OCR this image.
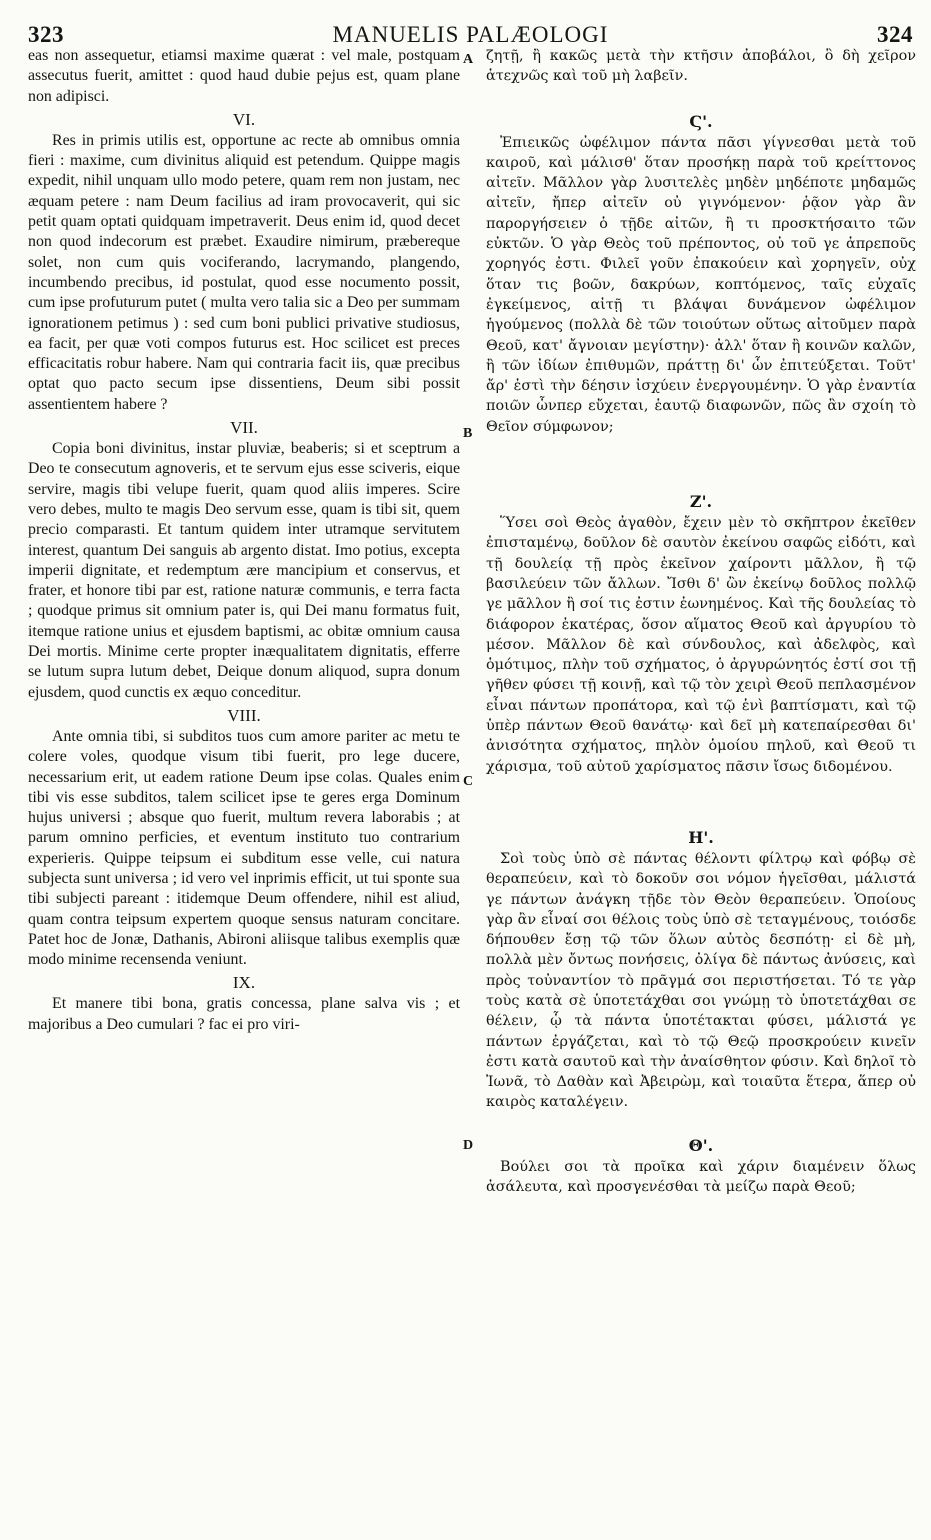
323	MANUELIS PALÆOLOGI	324
A
B
C
D

eas non assequetur, etiamsi maxime quærat : vel male, postquam assecutus fuerit, amittet : quod haud dubie pejus est, quam plane non adipisci.

VI.

Res in primis utilis est, opportune ac recte ab omnibus omnia fieri : maxime, cum divinitus aliquid est petendum. Quippe magis expedit, nihil unquam ullo modo petere, quam rem non justam, nec æquam petere : nam Deum facilius ad iram provocaverit, qui sic petit quam optati quidquam impetraverit. Deus enim id, quod decet non quod indecorum est præbet. Exaudire nimirum, præbereque solet, non cum quis vociferando, lacrymando, plangendo, incumbendo precibus, id postulat, quod esse nocumento possit, cum ipse profuturum putet ( multa vero talia sic a Deo per summam ignorationem petimus ) : sed cum boni publici privative studiosus, ea facit, per quæ voti compos futurus est. Hoc scilicet est preces efficacitatis robur habere. Nam qui contraria facit iis, quæ precibus optat quo pacto secum ipse dissentiens, Deum sibi possit assentientem habere ?

VII.

Copia boni divinitus, instar pluviæ, beaberis; si et sceptrum a Deo te consecutum agnoveris, et te servum ejus esse sciveris, eique servire, magis tibi velupe fuerit, quam quod aliis imperes. Scire vero debes, multo te magis Deo servum esse, quam is tibi sit, quem precio comparasti. Et tantum quidem inter utramque servitutem interest, quantum Dei sanguis ab argento distat. Imo potius, excepta imperii dignitate, et redemptum ære mancipium et conservus, et frater, et honore tibi par est, ratione naturæ communis, e terra facta ; quodque primus sit omnium pater is, qui Dei manu formatus fuit, itemque ratione unius et ejusdem baptismi, ac obitæ omnium causa Dei mortis. Minime certe propter inæqualitatem dignitatis, efferre se lutum supra lutum debet, Deique donum aliquod, supra donum ejusdem, quod cunctis ex æquo conceditur.

VIII.

Ante omnia tibi, si subditos tuos cum amore pariter ac metu te colere voles, quodque visum tibi fuerit, pro lege ducere, necessarium erit, ut eadem ratione Deum ipse colas. Quales enim tibi vis esse subditos, talem scilicet ipse te geres erga Dominum hujus universi ; absque quo fuerit, multum revera laborabis ; at parum omnino perficies, et eventum instituto tuo contrarium experieris. Quippe teipsum ei subditum esse velle, cui natura subjecta sunt universa ; id vero vel inprimis efficit, ut tui sponte sua tibi subjecti pareant : itidemque Deum offendere, nihil est aliud, quam contra teipsum expertem quoque sensus naturam concitare. Patet hoc de Jonæ, Dathanis, Abironi aliisque talibus exemplis quæ modo minime recensenda veniunt.

IX.

Et manere tibi bona, gratis concessa, plane salva vis ; et majoribus a Deo cumulari ? fac ei pro viri-

ζητῇ, ἢ κακῶς μετὰ τὴν κτῆσιν ἀποβάλοι, ὃ δὴ χεῖρον ἀτεχνῶς καὶ τοῦ μὴ λαβεῖν.

Ϛ'.

Ἐπιεικῶς ὠφέλιμον πάντα πᾶσι γίγνεσθαι μετὰ τοῦ καιροῦ, καὶ μάλισθ' ὅταν προσήκῃ παρὰ τοῦ κρείττονος αἰτεῖν. Μᾶλλον γὰρ λυσιτελὲς μηδὲν μηδέποτε μηδαμῶς αἰτεῖν, ἤπερ αἰτεῖν οὐ γιγνόμενον· ῥᾷον γὰρ ἂν παροργήσειεν ὁ τῇδε αἰτῶν, ἢ τι προσκτήσαιτο τῶν εὐκτῶν. Ὁ γὰρ Θεὸς τοῦ πρέποντος, οὐ τοῦ γε ἀπρεποῦς χορηγός ἐστι. Φιλεῖ γοῦν ἐπακούειν καὶ χορηγεῖν, οὐχ ὅταν τις βοῶν, δακρύων, κοπτόμενος, ταῖς εὐχαῖς ἐγκείμενος, αἰτῇ τι βλάψαι δυνάμενον ὠφέλιμον ἡγούμενος (πολλὰ δὲ τῶν τοιούτων οὕτως αἰτοῦμεν παρὰ Θεοῦ, κατ' ἄγνοιαν μεγίστην)· ἀλλ' ὅταν ἢ κοινῶν καλῶν, ἢ τῶν ἰδίων ἐπιθυμῶν, πράττῃ δι' ὧν ἐπιτεύξεται. Τοῦτ' ἄρ' ἐστὶ τὴν δέησιν ἰσχύειν ἐνεργουμένην. Ὁ γὰρ ἐναντία ποιῶν ὧνπερ εὔχεται, ἑαυτῷ διαφωνῶν, πῶς ἂν σχοίη τὸ Θεῖον σύμφωνον;

Ζ'.

Ὕσει σοὶ Θεὸς ἀγαθὸν, ἔχειν μὲν τὸ σκῆπτρον ἐκεῖθεν ἐπισταμένῳ, δοῦλον δὲ σαυτὸν ἐκείνου σαφῶς εἰδότι, καὶ τῇ δουλείᾳ τῇ πρὸς ἐκεῖνον χαίροντι μᾶλλον, ἢ τῷ βασιλεύειν τῶν ἄλλων. Ἴσθι δ' ὢν ἐκείνῳ δοῦλος πολλῷ γε μᾶλλον ἢ σοί τις ἐστιν ἐωνημένος. Καὶ τῆς δουλείας τὸ διάφορον ἑκατέρας, ὅσον αἵματος Θεοῦ καὶ ἀργυρίου τὸ μέσον. Μᾶλλον δὲ καὶ σύνδουλος, καὶ ἀδελφὸς, καὶ ὁμότιμος, πλὴν τοῦ σχήματος, ὁ ἀργυρώνητός ἐστί σοι τῇ γῆθεν φύσει τῇ κοινῇ, καὶ τῷ τὸν χειρὶ Θεοῦ πεπλασμένον εἶναι πάντων προπάτορα, καὶ τῷ ἑνὶ βαπτίσματι, καὶ τῷ ὑπὲρ πάντων Θεοῦ θανάτῳ· καὶ δεῖ μὴ κατεπαίρεσθαι δι' ἀνισότητα σχήματος, πηλὸν ὁμοίου πηλοῦ, καὶ Θεοῦ τι χάρισμα, τοῦ αὐτοῦ χαρίσματος πᾶσιν ἴσως διδομένου.

Η'.

Σοὶ τοὺς ὑπὸ σὲ πάντας θέλοντι φίλτρῳ καὶ φόβῳ σὲ θεραπεύειν, καὶ τὸ δοκοῦν σοι νόμον ἡγεῖσθαι, μάλιστά γε πάντων ἀνάγκη τῇδε τὸν Θεὸν θεραπεύειν. Ὁποίους γὰρ ἂν εἶναί σοι θέλοις τοὺς ὑπὸ σὲ τεταγμένους, τοιόσδε δήπουθεν ἔσῃ τῷ τῶν ὅλων αὐτὸς δεσπότῃ· εἰ δὲ μὴ, πολλὰ μὲν ὄντως πονήσεις, ὀλίγα δὲ πάντως ἀνύσεις, καὶ πρὸς τοὐναντίον τὸ πρᾶγμά σοι περιστήσεται. Τό τε γὰρ τοὺς κατὰ σὲ ὑποτετάχθαι σοι γνώμῃ τὸ ὑποτετάχθαι σε θέλειν, ᾧ τὰ πάντα ὑποτέτακται φύσει, μάλιστά γε πάντων ἐργάζεται, καὶ τὸ τῷ Θεῷ προσκρούειν κινεῖν ἐστι κατὰ σαυτοῦ καὶ τὴν ἀναίσθητον φύσιν. Καὶ δηλοῖ τὸ Ἰωνᾶ, τὸ Δαθὰν καὶ Ἀβειρὼμ, καὶ τοιαῦτα ἕτερα, ἅπερ οὐ καιρὸς καταλέγειν.

Θ'.

Βούλει σοι τὰ προῖκα καὶ χάριν διαμένειν ὅλως ἀσάλευτα, καὶ προσγενέσθαι τὰ μείζω παρὰ Θεοῦ;
